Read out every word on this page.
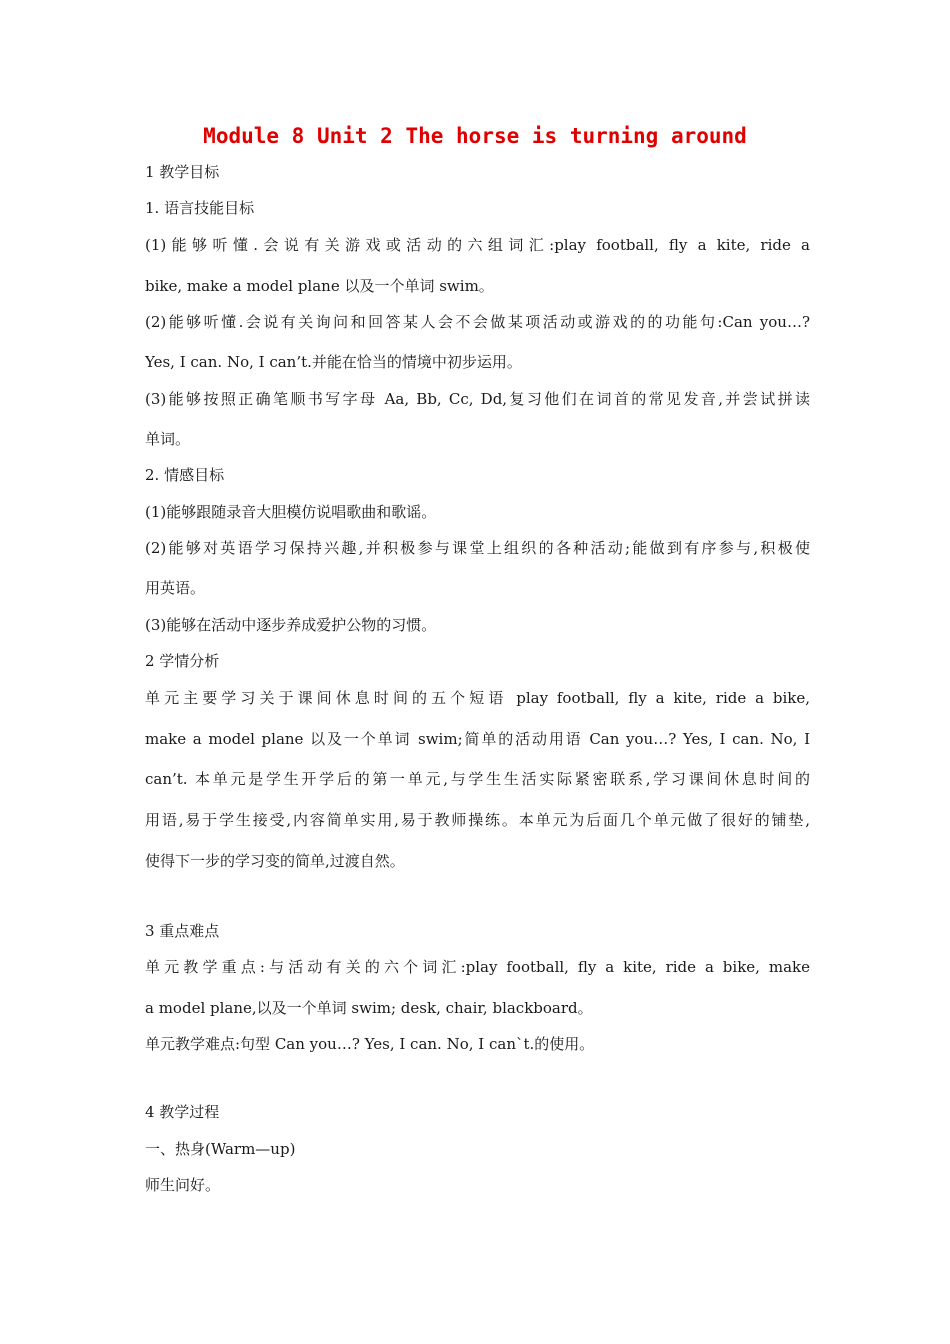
Module 8 Unit 2 The horse is turning around
1 教学目标
1. 语言技能目标
(1)能够听懂.会说有关游戏或活动的六组词汇:play football, fly a kite, ride a
bike, make a model plane 以及一个单词 swim。
(2)能够听懂.会说有关询问和回答某人会不会做某项活动或游戏的的功能句:Can you…?
Yes, I can. No, I can’t.并能在恰当的情境中初步运用。
(3)能够按照正确笔顺书写字母 Aa, Bb, Cc, Dd,复习他们在词首的常见发音,并尝试拼读
单词。
2. 情感目标
(1)能够跟随录音大胆模仿说唱歌曲和歌谣。
(2)能够对英语学习保持兴趣,并积极参与课堂上组织的各种活动;能做到有序参与,积极使
用英语。
(3)能够在活动中逐步养成爱护公物的习惯。
2 学情分析
单元主要学习关于课间休息时间的五个短语 play football, fly a kite, ride a bike,
make a model plane 以及一个单词 swim;简单的活动用语 Can you…? Yes, I can. No, I
can’t. 本单元是学生开学后的第一单元,与学生生活实际紧密联系,学习课间休息时间的
用语,易于学生接受,内容简单实用,易于教师操练。本单元为后面几个单元做了很好的铺垫,
使得下一步的学习变的简单,过渡自然。
3 重点难点
单元教学重点:与活动有关的六个词汇:play football, fly a kite, ride a bike, make
a model plane,以及一个单词 swim; desk, chair, blackboard。
单元教学难点:句型 Can you…? Yes, I can. No, I can`t.的使用。
4 教学过程
一、热身(Warm—up)
师生问好。
